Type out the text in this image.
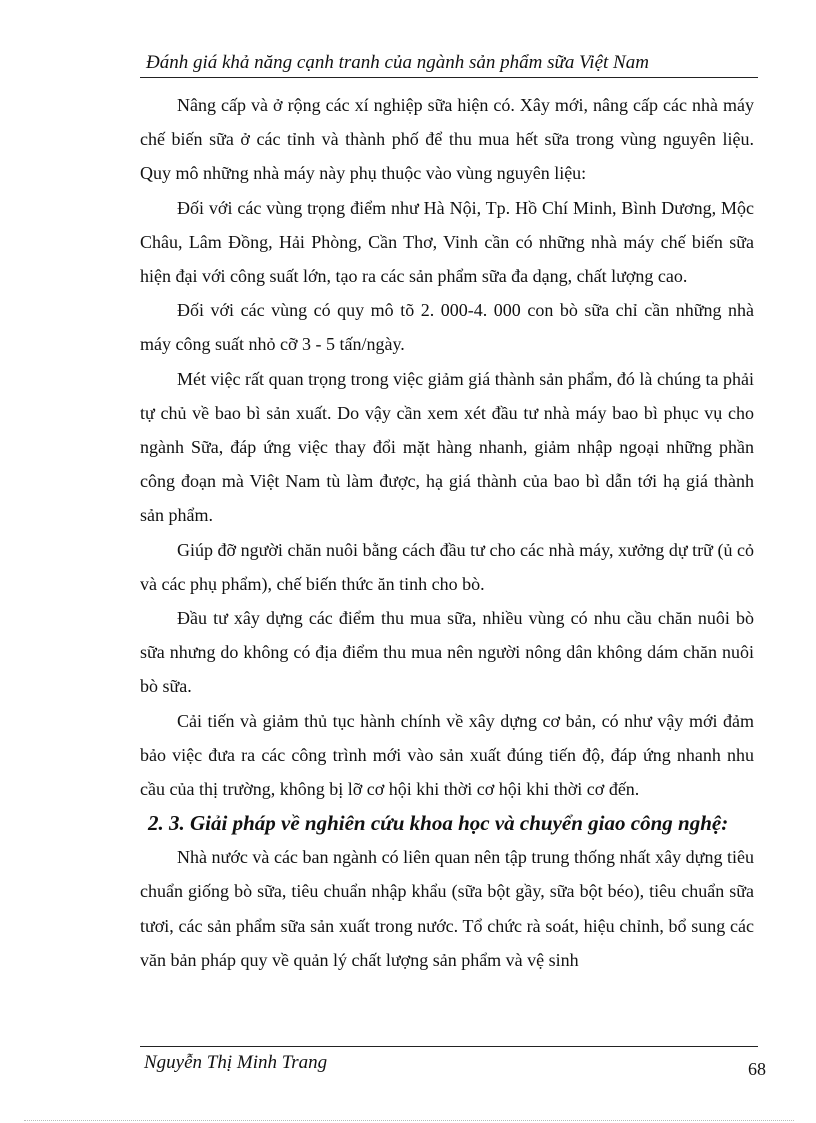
Đánh giá khả năng cạnh tranh của ngành sản phẩm sữa Việt Nam

Nâng cấp và ở rộng các xí nghiệp sữa hiện có. Xây mới, nâng cấp các nhà máy chế biến sữa ở các tỉnh và thành phố để thu mua hết sữa trong vùng nguyên liệu. Quy mô những nhà máy này phụ thuộc vào vùng nguyên liệu:

Đối với các vùng trọng điểm như Hà Nội, Tp. Hồ Chí Minh, Bình Dương, Mộc Châu, Lâm Đồng, Hải Phòng, Cần Thơ, Vinh cần có những nhà máy chế biến sữa hiện đại với công suất lớn, tạo ra các sản phẩm sữa đa dạng, chất lượng cao.

Đối với các vùng có quy mô tõ 2. 000-4. 000 con bò sữa chỉ cần những nhà máy công suất nhỏ cỡ 3 - 5 tấn/ngày.

Mét việc rất quan trọng trong việc giảm giá thành sản phẩm, đó là chúng ta phải tự chủ về bao bì sản xuất. Do vậy cần xem xét đầu tư nhà máy bao bì phục vụ cho ngành Sữa, đáp ứng việc thay đổi mặt hàng nhanh, giảm nhập ngoại những phần công đoạn mà Việt Nam tù làm được, hạ giá thành của bao bì dẫn tới hạ giá thành sản phẩm.

Giúp đỡ người chăn nuôi bằng cách đầu tư cho các nhà máy, xưởng dự trữ (ủ cỏ và các phụ phẩm), chế biến thức ăn tinh cho bò.

Đầu tư xây dựng các điểm thu mua sữa, nhiều vùng có nhu cầu chăn nuôi bò sữa nhưng do không có địa điểm thu mua nên người nông dân không dám chăn nuôi bò sữa.

Cải tiến và giảm thủ tục hành chính về xây dựng cơ bản, có như vậy mới đảm bảo việc đưa ra các công trình mới vào sản xuất đúng tiến độ, đáp ứng nhanh nhu cầu của thị trường, không bị lỡ cơ hội khi thời cơ hội khi thời cơ đến.

2. 3. Giải pháp về nghiên cứu khoa học và chuyển giao công nghệ:

Nhà nước và các ban ngành có liên quan nên tập trung thống nhất xây dựng tiêu chuẩn giống bò sữa, tiêu chuẩn nhập khẩu (sữa bột gầy, sữa bột béo), tiêu chuẩn sữa tươi, các sản phẩm sữa sản xuất trong nước. Tổ chức rà soát, hiệu chỉnh, bổ sung các văn bản pháp quy về quản lý chất lượng sản phẩm và vệ sinh

Nguyễn Thị Minh Trang	68
